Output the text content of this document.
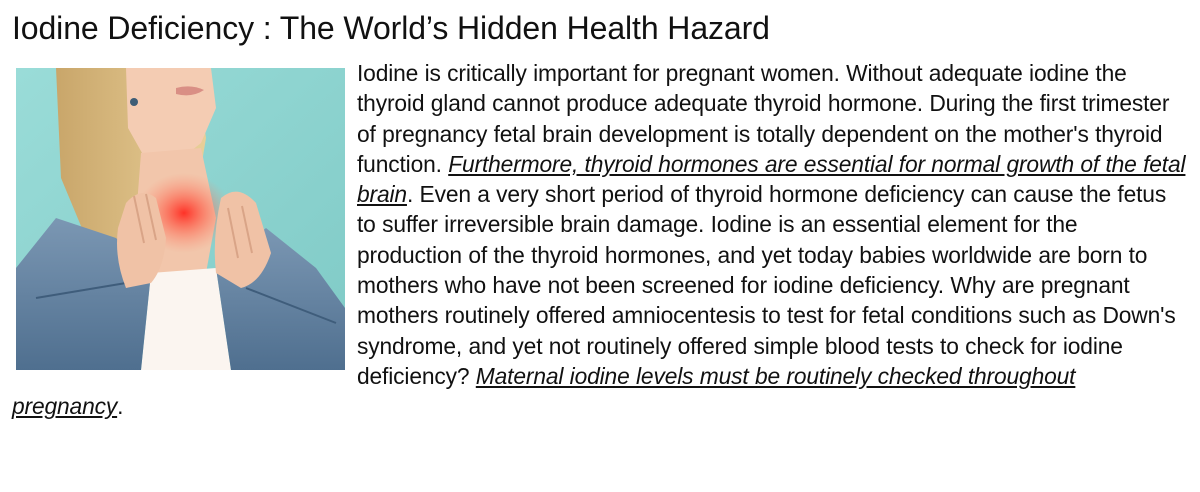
Iodine Deficiency : The World’s Hidden Health Hazard

Iodine is critically important for pregnant women. Without adequate iodine the thyroid gland cannot produce adequate thyroid hormone. During the first trimester of pregnancy fetal brain development is totally dependent on the mother's thyroid function. Furthermore, thyroid hormones are essential for normal growth of the fetal brain. Even a very short period of thyroid hormone deficiency can cause the fetus to suffer irreversible brain damage. Iodine is an essential element for the production of the thyroid hormones, and yet today babies worldwide are born to mothers who have not been screened for iodine deficiency. Why are pregnant mothers routinely offered amniocentesis to test for fetal conditions such as Down's syndrome, and yet not routinely offered simple blood tests to check for iodine deficiency? Maternal iodine levels must be routinely checked throughout pregnancy.
